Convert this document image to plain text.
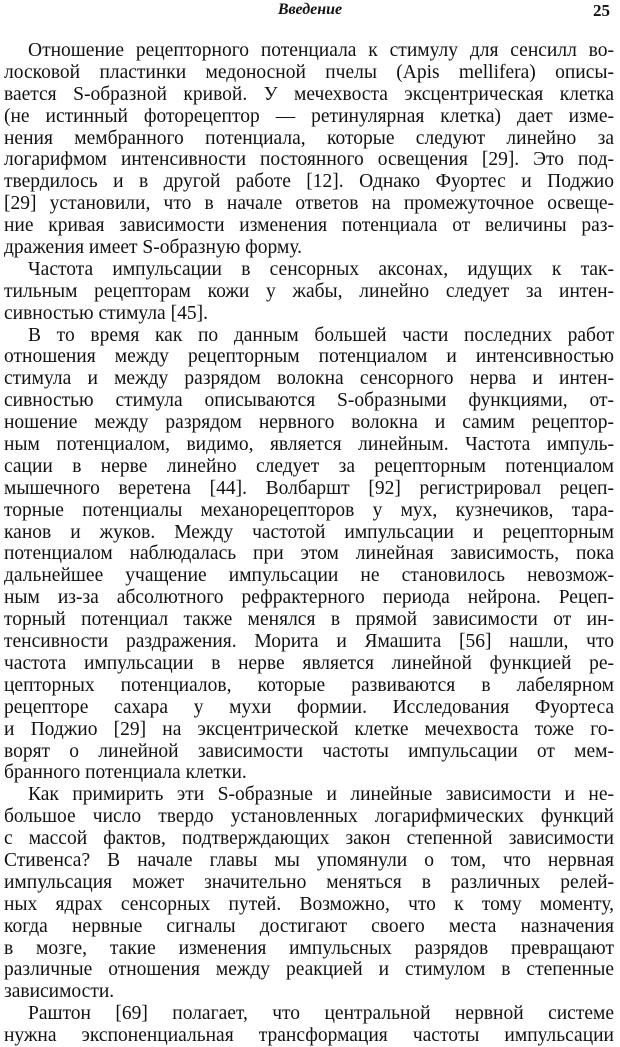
Введение	25
Отношение рецепторного потенциала к стимулу для сенсилл во-
лосковой пластинки медоносной пчелы (Apis mellifera) описы-
вается S-образной кривой. У мечехвоста эксцентрическая клетка
(не истинный фоторецептор — ретинулярная клетка) дает изме-
нения мембранного потенциала, которые следуют линейно за
логарифмом интенсивности постоянного освещения [29]. Это под-
твердилось и в другой работе [12]. Однако Фуортес и Поджио
[29] установили, что в начале ответов на промежуточное освеще-
ние кривая зависимости изменения потенциала от величины раз-
дражения имеет S-образную форму.
Частота импульсации в сенсорных аксонах, идущих к так-
тильным рецепторам кожи у жабы, линейно следует за интен-
сивностью стимула [45].
В то время как по данным большей части последних работ
отношения между рецепторным потенциалом и интенсивностью
стимула и между разрядом волокна сенсорного нерва и интен-
сивностью стимула описываются S-образными функциями, от-
ношение между разрядом нервного волокна и самим рецептор-
ным потенциалом, видимо, является линейным. Частота импуль-
сации в нерве линейно следует за рецепторным потенциалом
мышечного веретена [44]. Волбаршт [92] регистрировал рецеп-
торные потенциалы механорецепторов у мух, кузнечиков, тара-
канов и жуков. Между частотой импульсации и рецепторным
потенциалом наблюдалась при этом линейная зависимость, пока
дальнейшее учащение импульсации не становилось невозмож-
ным из-за абсолютного рефрактерного периода нейрона. Рецеп-
торный потенциал также менялся в прямой зависимости от ин-
тенсивности раздражения. Морита и Ямашита [56] нашли, что
частота импульсации в нерве является линейной функцией ре-
цепторных потенциалов, которые развиваются в лабелярном
рецепторе сахара у мухи формии. Исследования Фуортеса
и Поджио [29] на эксцентрической клетке мечехвоста тоже го-
ворят о линейной зависимости частоты импульсации от мем-
бранного потенциала клетки.
Как примирить эти S-образные и линейные зависимости и не-
большое число твердо установленных логарифмических функций
с массой фактов, подтверждающих закон степенной зависимости
Стивенса? В начале главы мы упомянули о том, что нервная
импульсация может значительно меняться в различных релей-
ных ядрах сенсорных путей. Возможно, что к тому моменту,
когда нервные сигналы достигают своего места назначения
в мозге, такие изменения импульсных разрядов превращают
различные отношения между реакцией и стимулом в степенные
зависимости.
Раштон [69] полагает, что центральной нервной системе
нужна экспоненциальная трансформация частоты импульсации
